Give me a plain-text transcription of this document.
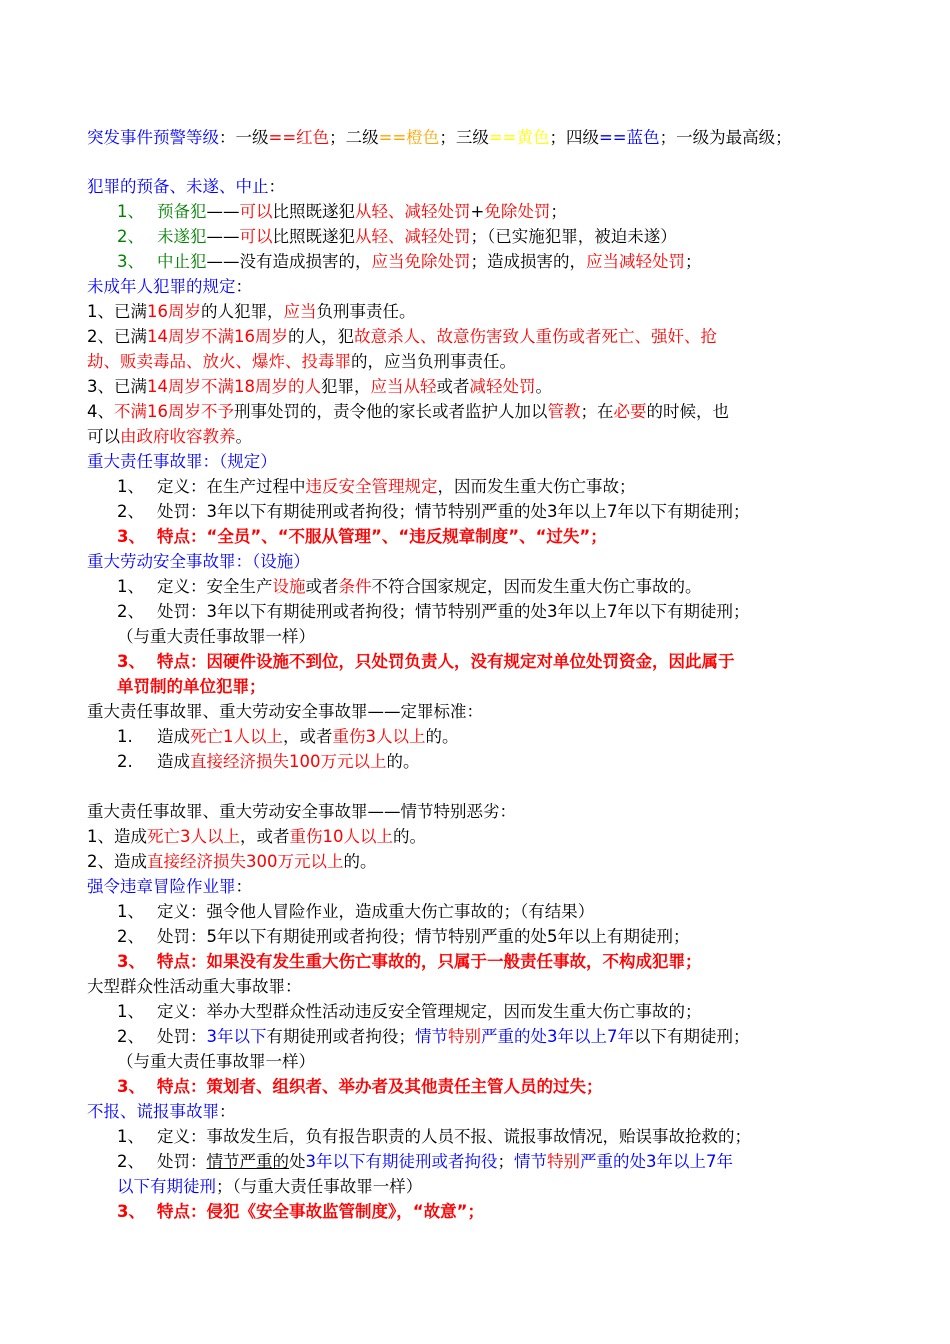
突发事件预警等级：一级==红色；二级==橙色；三级==黄色；四级==蓝色；一级为最高级；
犯罪的预备、未遂、中止：
1、 预备犯——可以比照既遂犯从轻、减轻处罚+免除处罚；
2、 未遂犯——可以比照既遂犯从轻、减轻处罚；（已实施犯罪，被迫未遂）
3、 中止犯——没有造成损害的，应当免除处罚；造成损害的，应当减轻处罚；
未成年人犯罪的规定：
1、已满16周岁的人犯罪，应当负刑事责任。
2、已满14周岁不满16周岁的人，犯故意杀人、故意伤害致人重伤或者死亡、强奸、抢
劫、贩卖毒品、放火、爆炸、投毒罪的，应当负刑事责任。
3、已满14周岁不满18周岁的人犯罪，应当从轻或者减轻处罚。
4、不满16周岁不予刑事处罚的，责令他的家长或者监护人加以管教；在必要的时候，也
可以由政府收容教养。
重大责任事故罪：（规定）
1、 定义：在生产过程中违反安全管理规定，因而发生重大伤亡事故；
2、 处罚：3年以下有期徒刑或者拘役；情节特别严重的处3年以上7年以下有期徒刑；
3、 特点：“全员”、“不服从管理”、“违反规章制度”、“过失”；
重大劳动安全事故罪：（设施）
1、 定义：安全生产设施或者条件不符合国家规定，因而发生重大伤亡事故的。
2、 处罚：3年以下有期徒刑或者拘役；情节特别严重的处3年以上7年以下有期徒刑；
（与重大责任事故罪一样）
3、 特点：因硬件设施不到位，只处罚负责人，没有规定对单位处罚资金，因此属于
单罚制的单位犯罪；
重大责任事故罪、重大劳动安全事故罪——定罪标准：
1. 造成死亡1人以上，或者重伤3人以上的。
2. 造成直接经济损失100万元以上的。
重大责任事故罪、重大劳动安全事故罪——情节特别恶劣：
1、造成死亡3人以上，或者重伤10人以上的。
2、造成直接经济损失300万元以上的。
强令违章冒险作业罪：
1、 定义：强令他人冒险作业，造成重大伤亡事故的；（有结果）
2、 处罚：5年以下有期徒刑或者拘役；情节特别严重的处5年以上有期徒刑；
3、 特点：如果没有发生重大伤亡事故的，只属于一般责任事故，不构成犯罪；
大型群众性活动重大事故罪：
1、 定义：举办大型群众性活动违反安全管理规定，因而发生重大伤亡事故的；
2、 处罚：3年以下有期徒刑或者拘役；情节特别严重的处3年以上7年以下有期徒刑；
（与重大责任事故罪一样）
3、 特点：策划者、组织者、举办者及其他责任主管人员的过失；
不报、谎报事故罪：
1、 定义：事故发生后，负有报告职责的人员不报、谎报事故情况，贻误事故抢救的；
2、 处罚：情节严重的处3年以下有期徒刑或者拘役；情节特别严重的处3年以上7年
以下有期徒刑；（与重大责任事故罪一样）
3、 特点：侵犯《安全事故监管制度》，“故意”；
